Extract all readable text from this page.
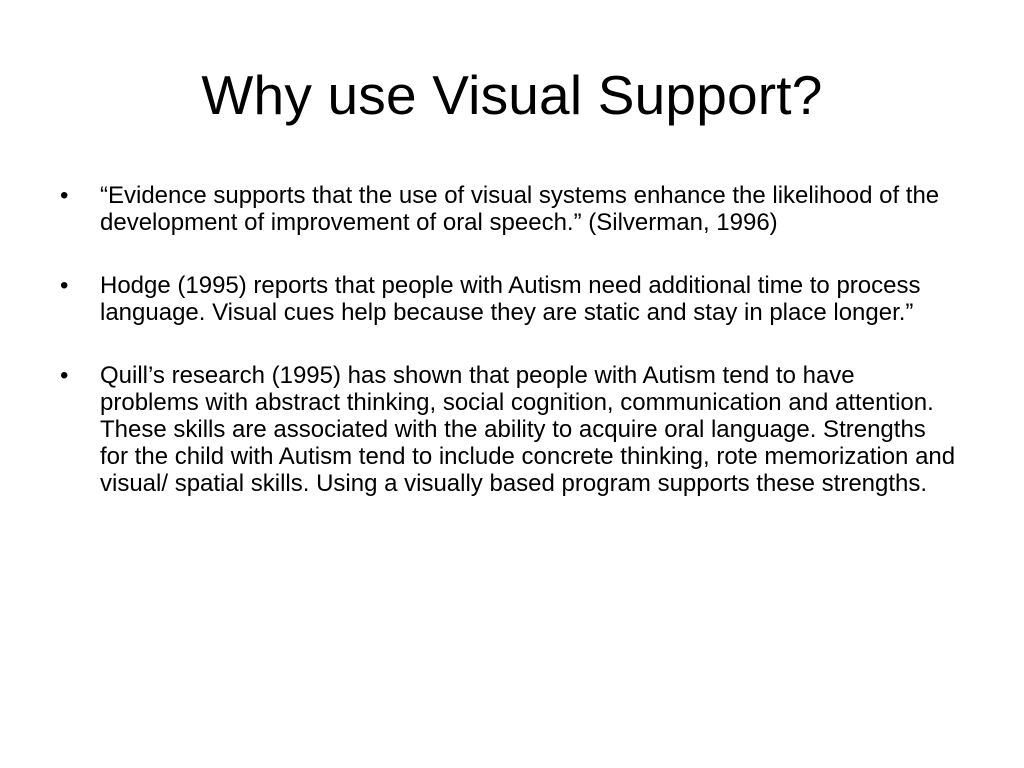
Why use Visual Support?
•	“Evidence supports that the use of visual systems enhance the likelihood of the development of improvement of oral speech.” (Silverman, 1996)
•	Hodge (1995) reports that people with Autism need additional time to process language. Visual cues help because they are static and stay in place longer.”
•	Quill’s research (1995) has shown that people with Autism tend to have problems with abstract thinking, social cognition, communication and attention. These skills are associated with the ability to acquire oral language. Strengths for the child with Autism tend to include concrete thinking, rote memorization and visual/ spatial skills. Using a visually based program supports these strengths.
